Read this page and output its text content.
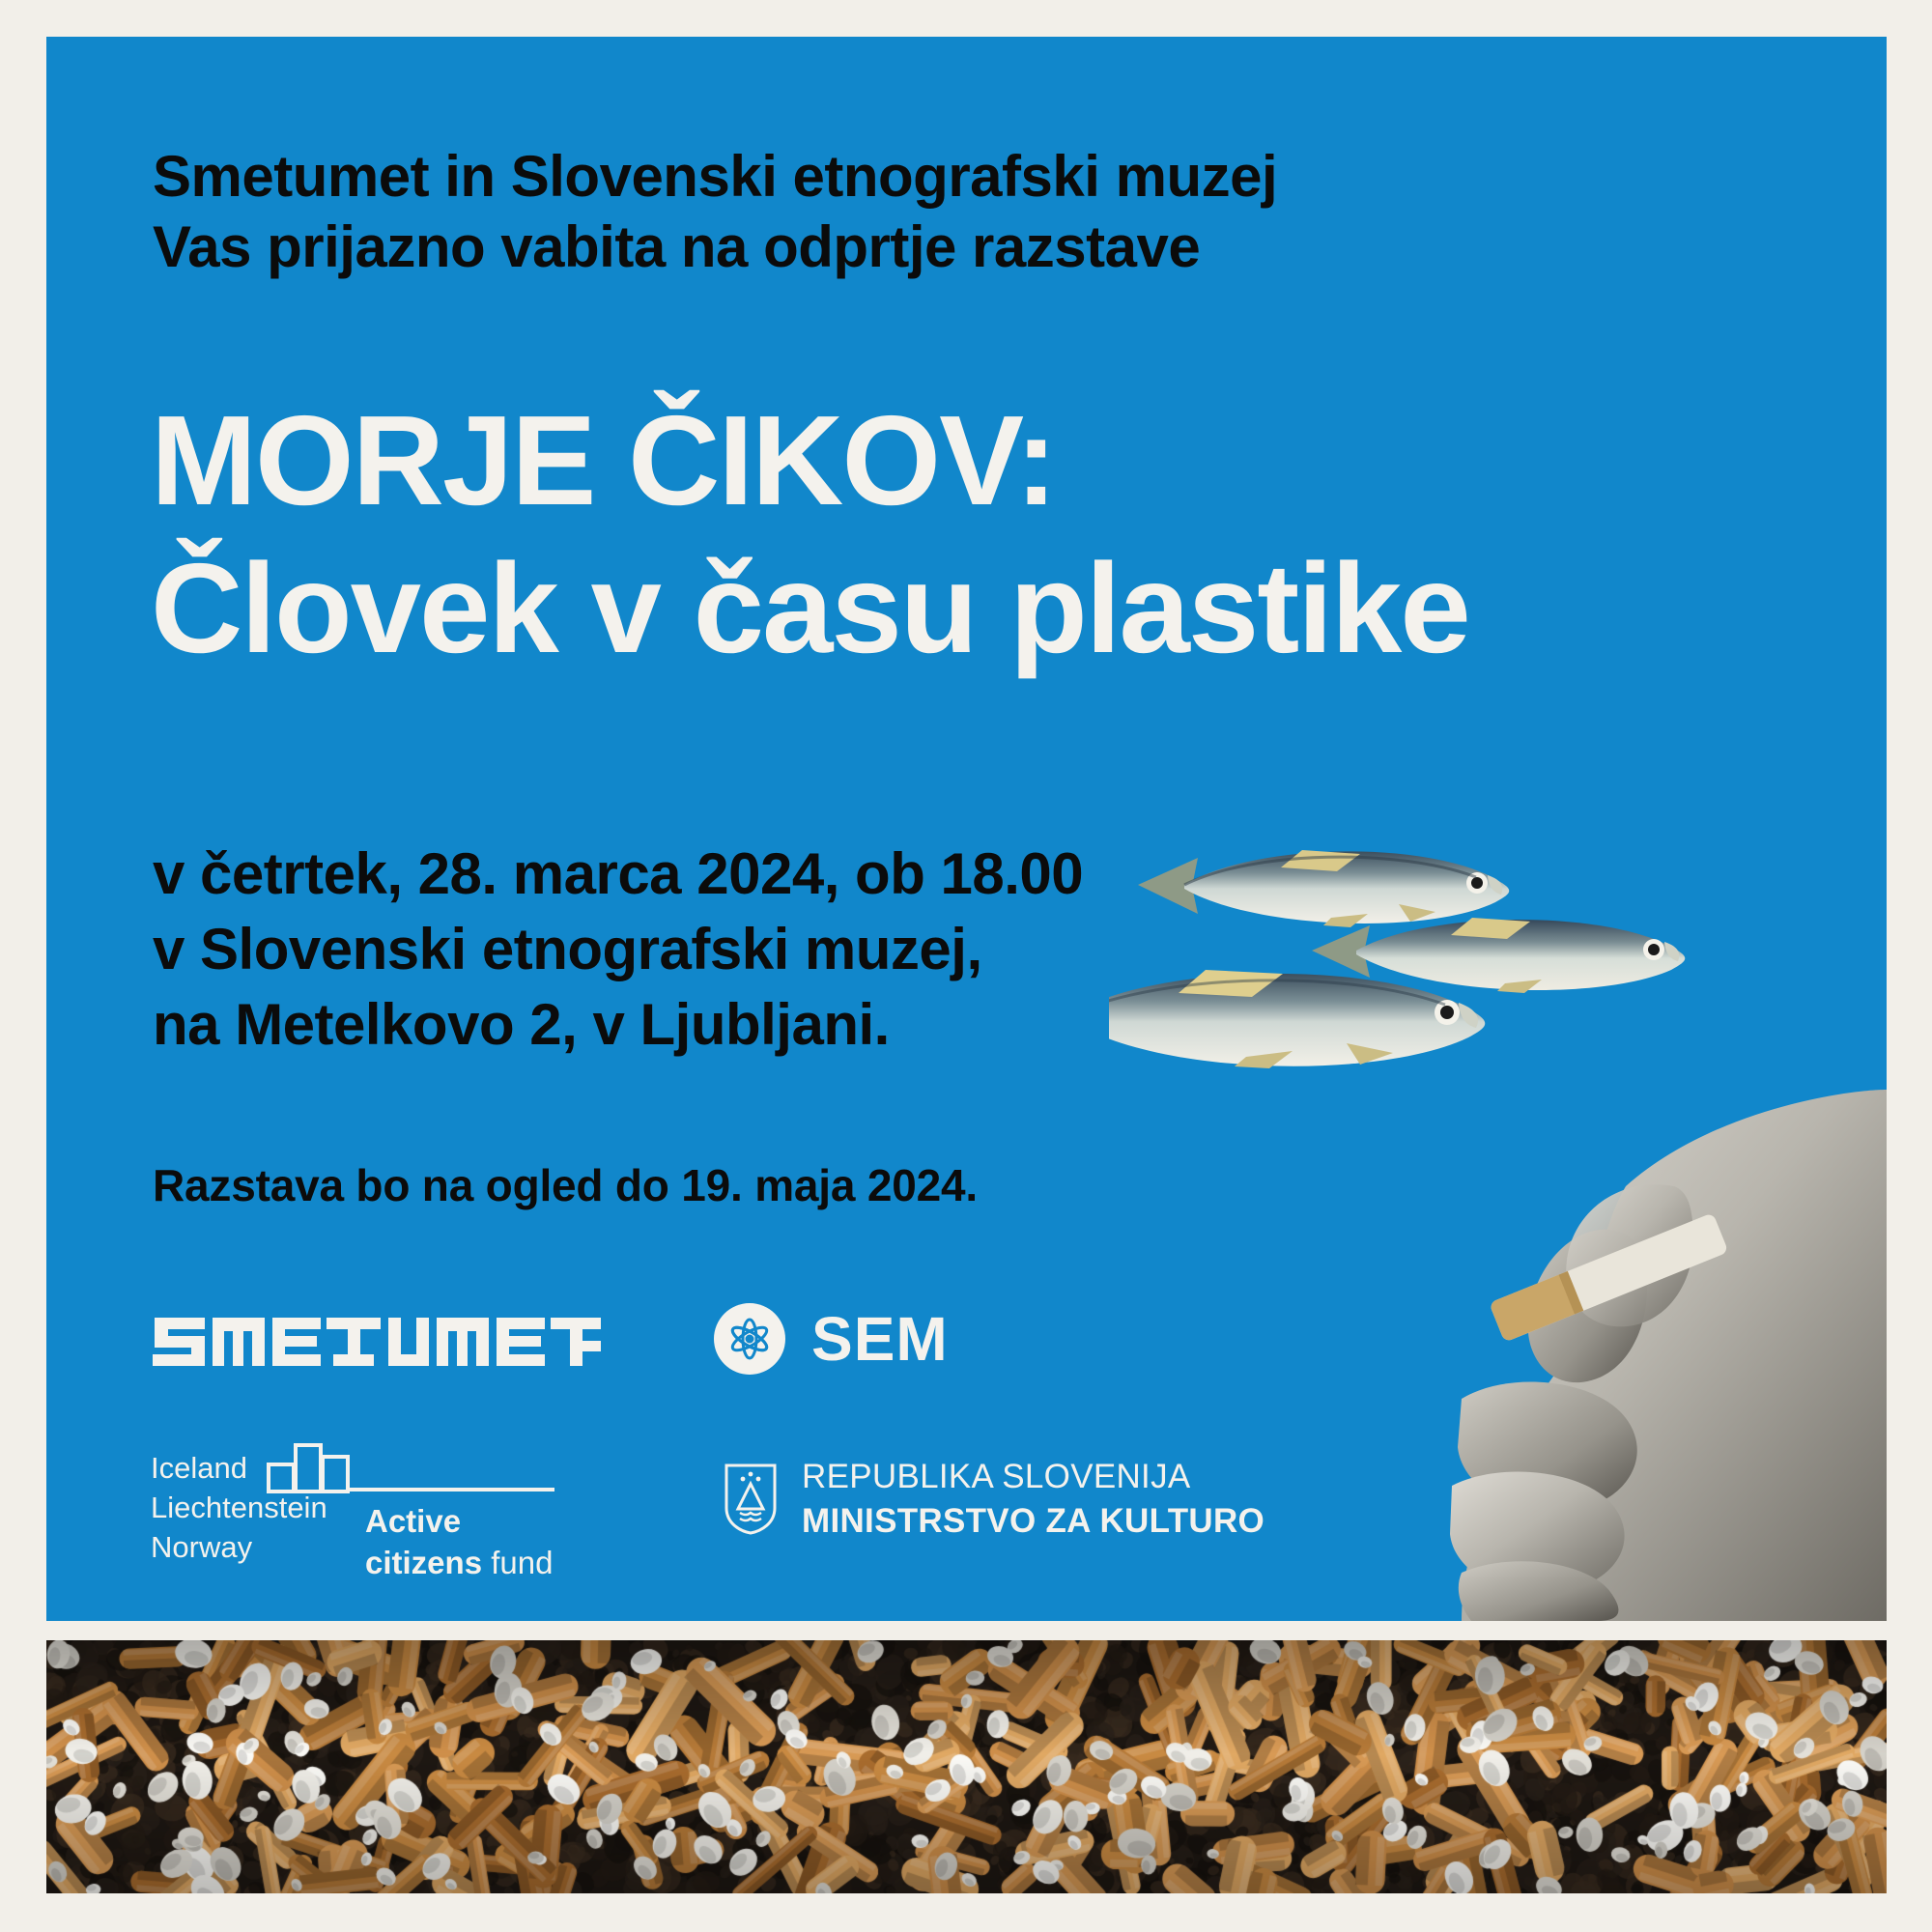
Smetumet in Slovenski etnografski muzej
Vas prijazno vabita na odprtje razstave
MORJE ČIKOV:
Človek v času plastike
v četrtek, 28. marca 2024, ob 18.00
v Slovenski etnografski muzej,
na Metelkovo 2, v Ljubljani.
Razstava bo na ogled do 19. maja 2024.
SEM
Iceland
Liechtenstein
Norway
Active
citizens fund
REPUBLIKA SLOVENIJA
MINISTRSTVO ZA KULTURO
